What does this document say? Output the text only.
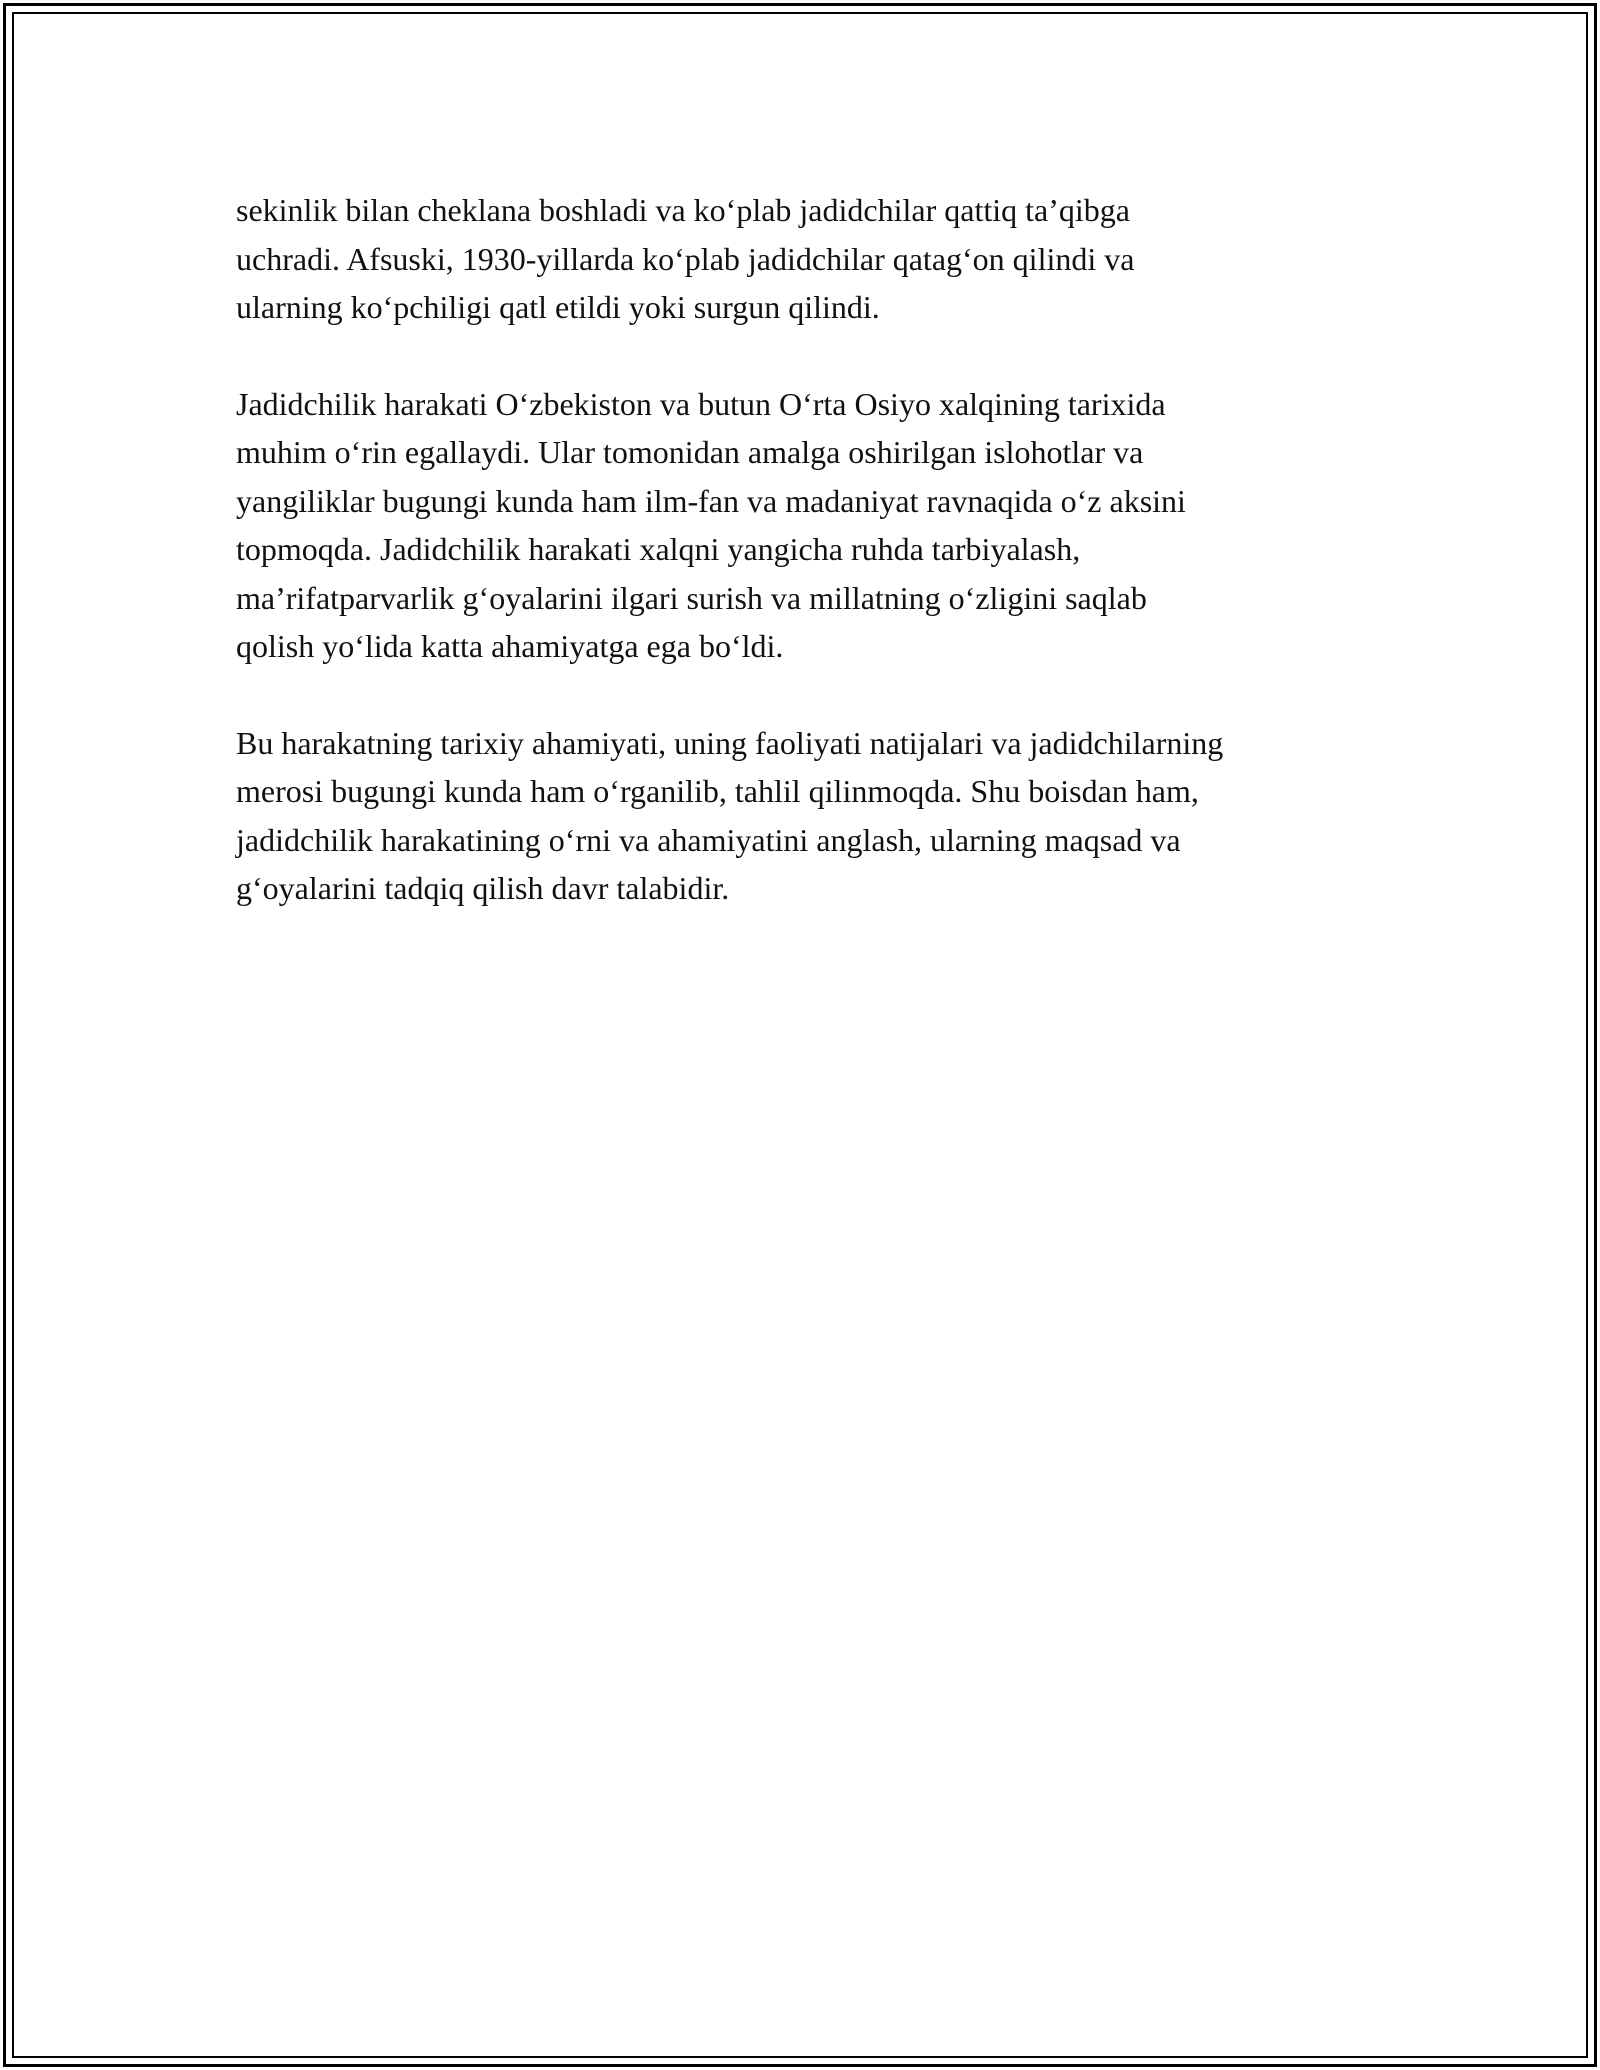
sekinlik bilan cheklana boshladi va ko‘plab jadidchilar qattiq ta’qibga
uchradi. Afsuski, 1930-yillarda ko‘plab jadidchilar qatag‘on qilindi va
ularning ko‘pchiligi qatl etildi yoki surgun qilindi.

Jadidchilik harakati O‘zbekiston va butun O‘rta Osiyo xalqining tarixida
muhim o‘rin egallaydi. Ular tomonidan amalga oshirilgan islohotlar va
yangiliklar bugungi kunda ham ilm-fan va madaniyat ravnaqida o‘z aksini
topmoqda. Jadidchilik harakati xalqni yangicha ruhda tarbiyalash,
ma’rifatparvarlik g‘oyalarini ilgari surish va millatning o‘zligini saqlab
qolish yo‘lida katta ahamiyatga ega bo‘ldi.

Bu harakatning tarixiy ahamiyati, uning faoliyati natijalari va jadidchilarning
merosi bugungi kunda ham o‘rganilib, tahlil qilinmoqda. Shu boisdan ham,
jadidchilik harakatining o‘rni va ahamiyatini anglash, ularning maqsad va
g‘oyalarini tadqiq qilish davr talabidir.
